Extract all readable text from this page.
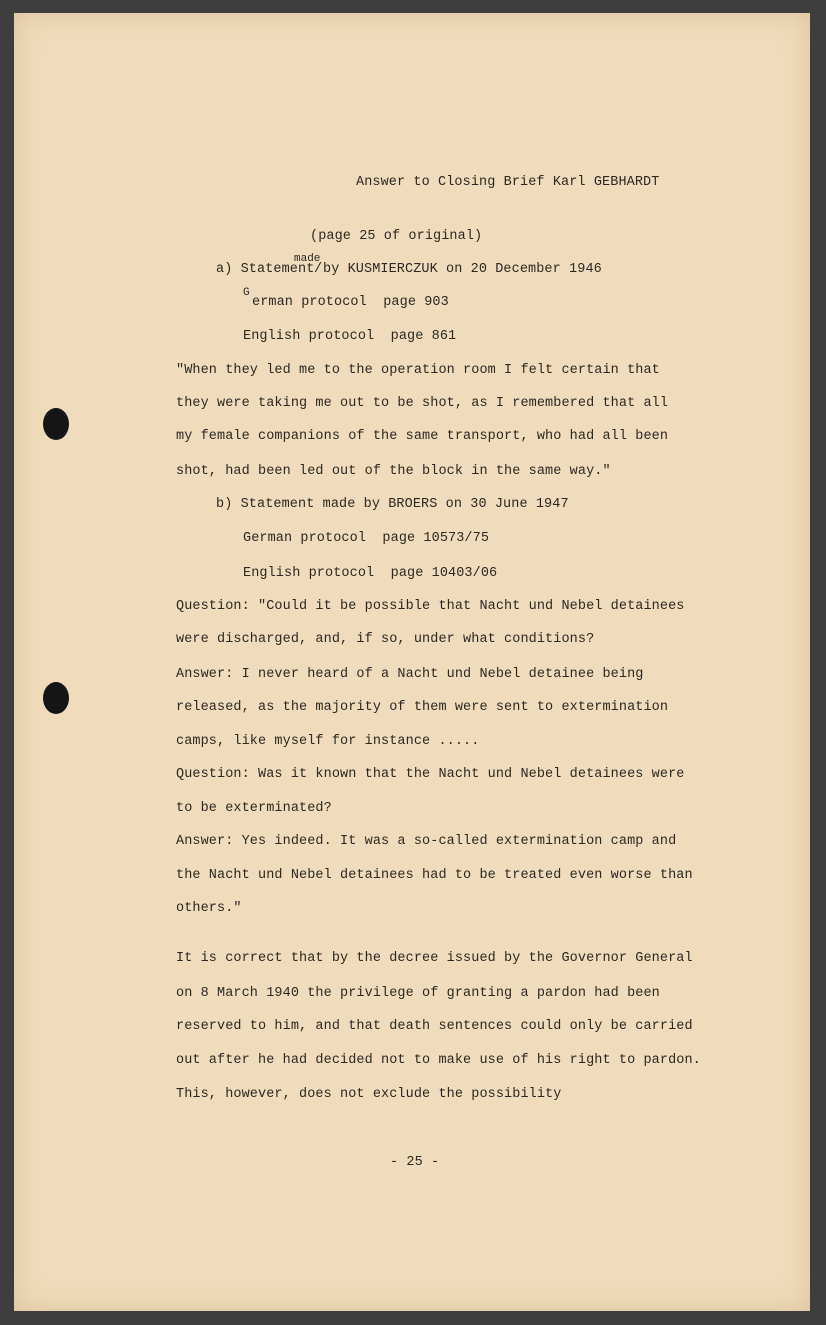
Answer to Closing Brief Karl GEBHARDT
(page 25 of original)
made
a) Statement / by KUSMIERCZUK on 20 December 1946
G
erman protocol  page 903
English protocol  page 861
"When they led me to the operation room I felt certain that
they were taking me out to be shot, as I remembered that all
my female companions of the same transport, who had all been
shot, had been led out of the block in the same way."
b) Statement made by BROERS on 30 June 1947
German protocol  page 10573/75
English protocol  page 10403/06
Question: "Could it be possible that Nacht und Nebel detainees
were discharged, and, if so, under what conditions?
Answer: I never heard of a Nacht und Nebel detainee being
released, as the majority of them were sent to extermination
camps, like myself for instance .....
Question: Was it known that the Nacht und Nebel detainees were
to be exterminated?
Answer: Yes indeed. It was a so-called extermination camp and
the Nacht und Nebel detainees had to be treated even worse than
others."
It is correct that by the decree issued by the Governor General
on 8 March 1940 the privilege of granting a pardon had been
reserved to him, and that death sentences could only be carried
out after he had decided not to make use of his right to pardon.
This, however, does not exclude the possibility
- 25 -
